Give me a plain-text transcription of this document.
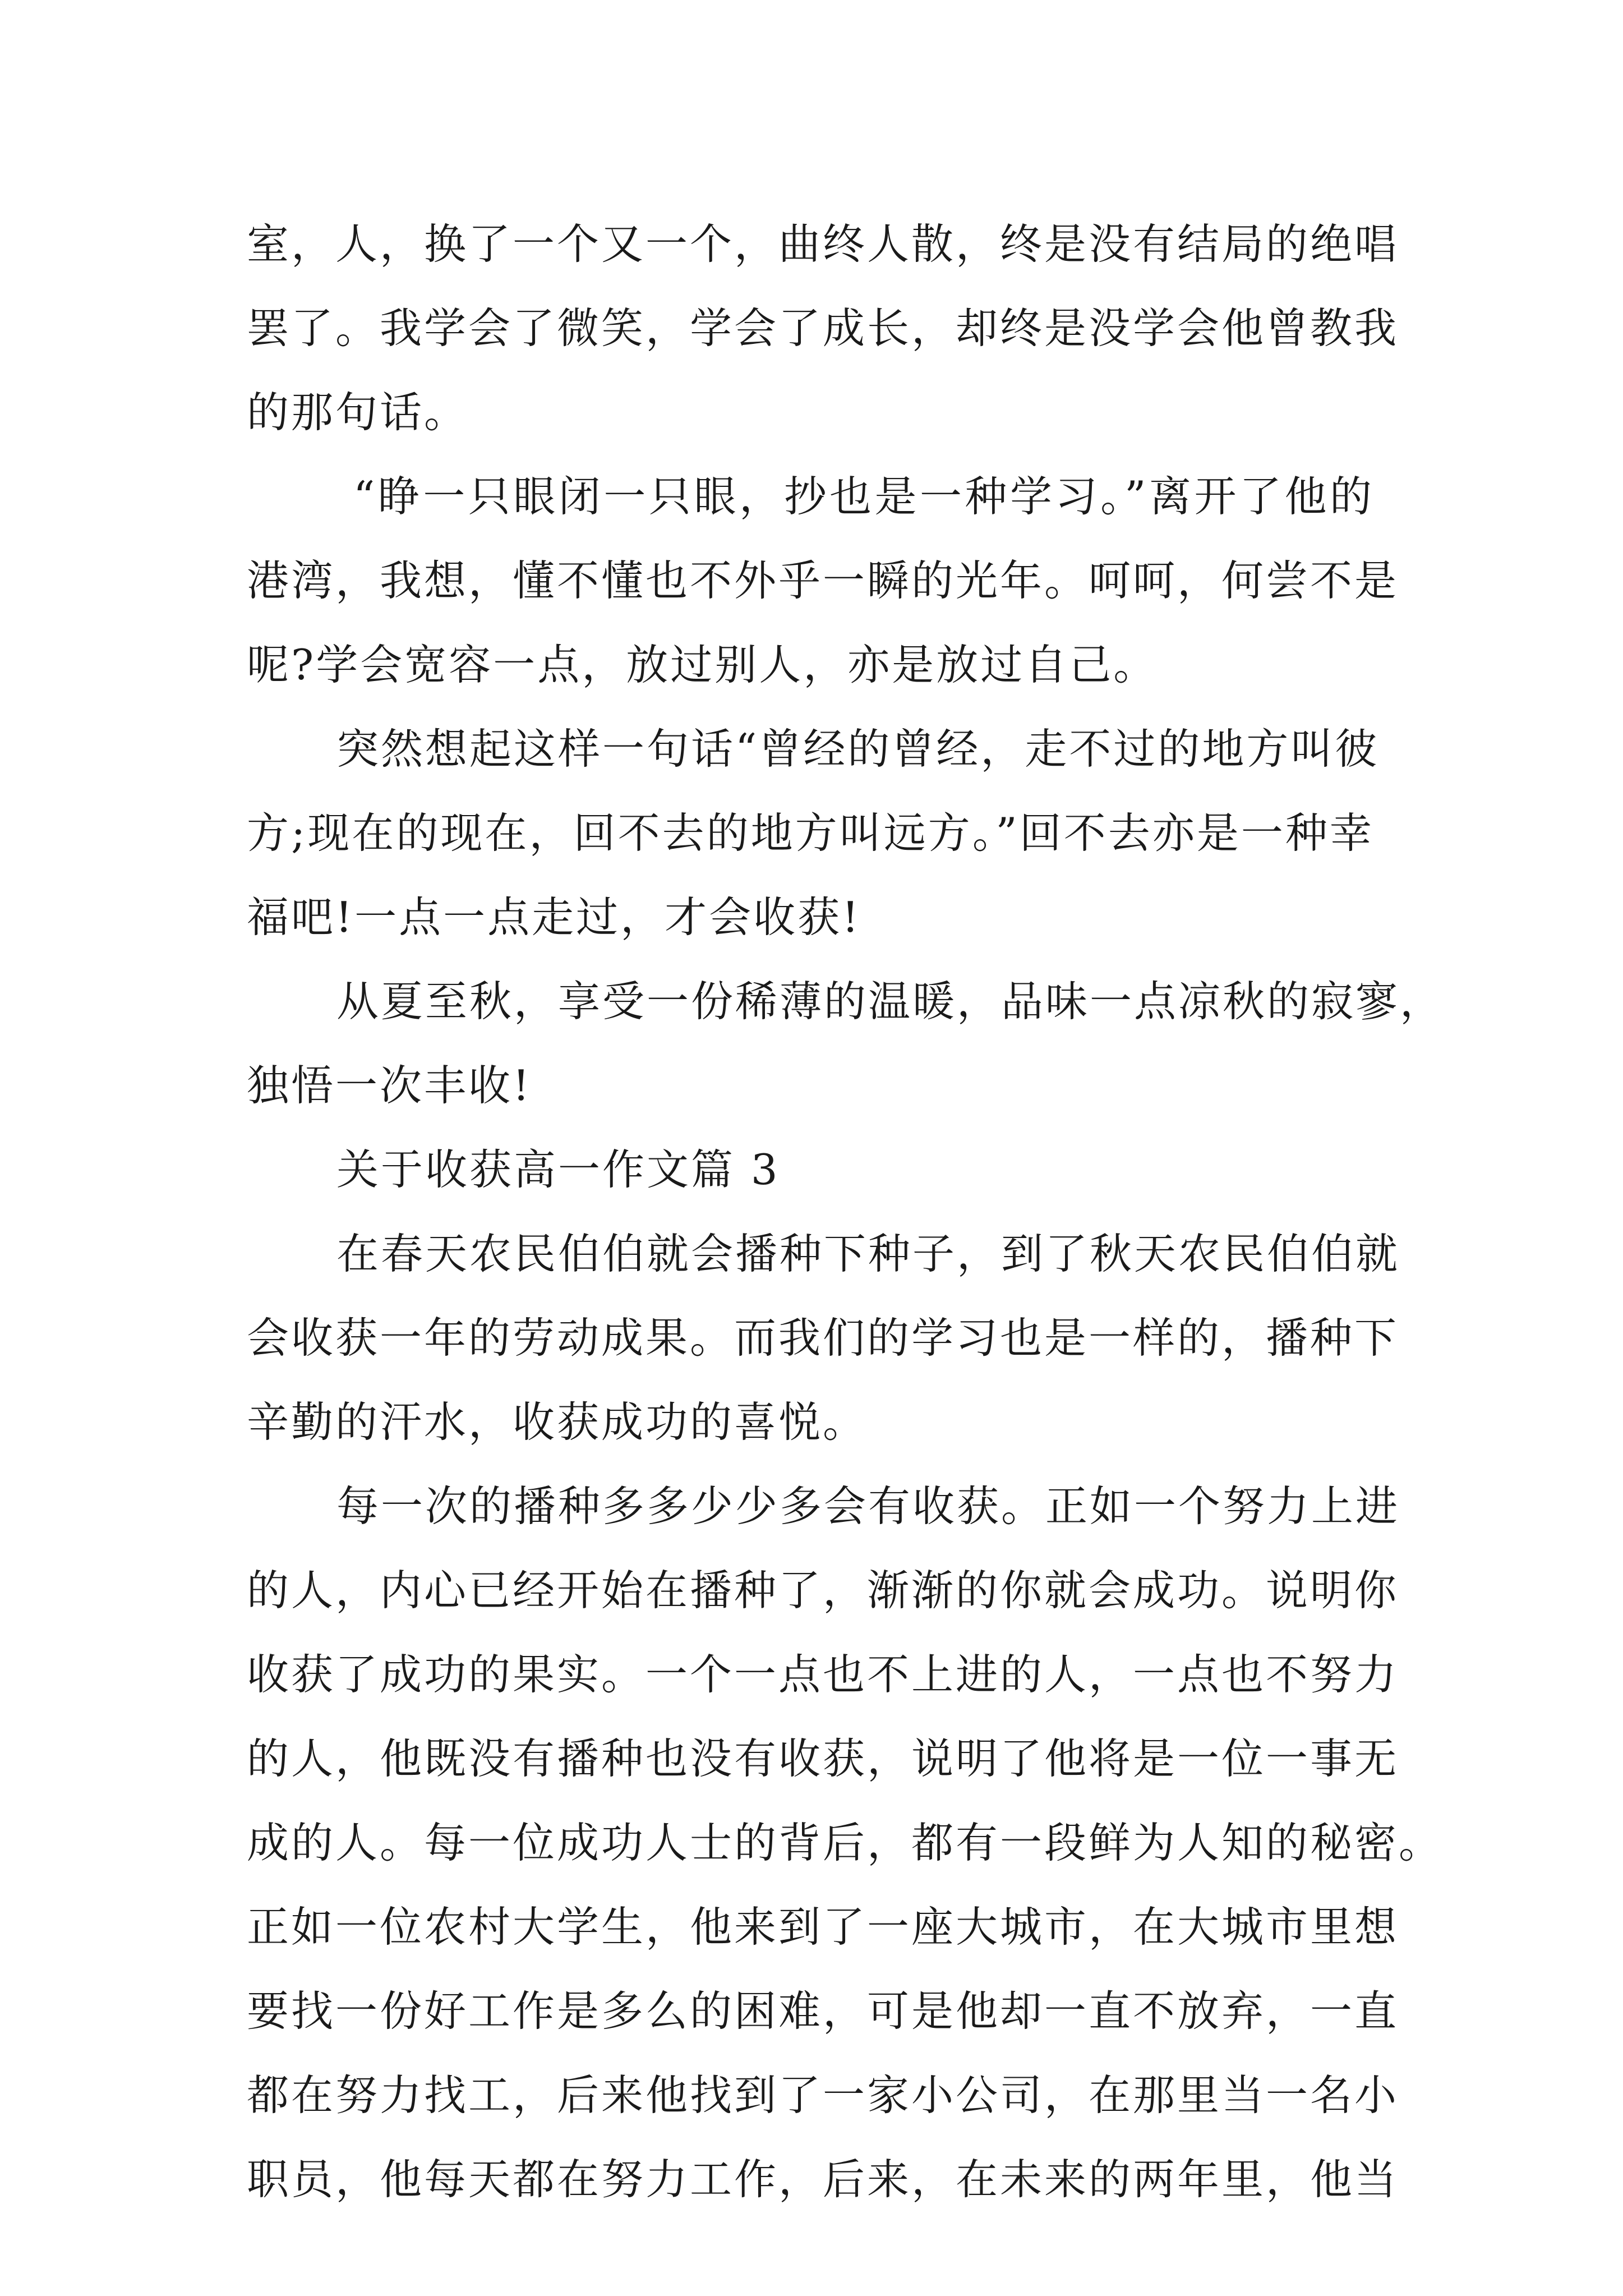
室，人，换了一个又一个，曲终人散，终是没有结局的绝唱
罢了。我学会了微笑，学会了成长，却终是没学会他曾教我
的那句话。
“睁一只眼闭一只眼，抄也是一种学习。”离开了他的
港湾，我想，懂不懂也不外乎一瞬的光年。呵呵，何尝不是
呢?学会宽容一点，放过别人，亦是放过自己。
突然想起这样一句话“曾经的曾经，走不过的地方叫彼
方;现在的现在，回不去的地方叫远方。”回不去亦是一种幸
福吧!一点一点走过，才会收获!
从夏至秋，享受一份稀薄的温暖，品味一点凉秋的寂寥，
独悟一次丰收!
关于收获高一作文篇 3
在春天农民伯伯就会播种下种子，到了秋天农民伯伯就
会收获一年的劳动成果。而我们的学习也是一样的，播种下
辛勤的汗水，收获成功的喜悦。
每一次的播种多多少少多会有收获。正如一个努力上进
的人，内心已经开始在播种了，渐渐的你就会成功。说明你
收获了成功的果实。一个一点也不上进的人，一点也不努力
的人，他既没有播种也没有收获，说明了他将是一位一事无
成的人。每一位成功人士的背后，都有一段鲜为人知的秘密。
正如一位农村大学生，他来到了一座大城市，在大城市里想
要找一份好工作是多么的困难，可是他却一直不放弃，一直
都在努力找工，后来他找到了一家小公司，在那里当一名小
职员，他每天都在努力工作，后来，在未来的两年里，他当
